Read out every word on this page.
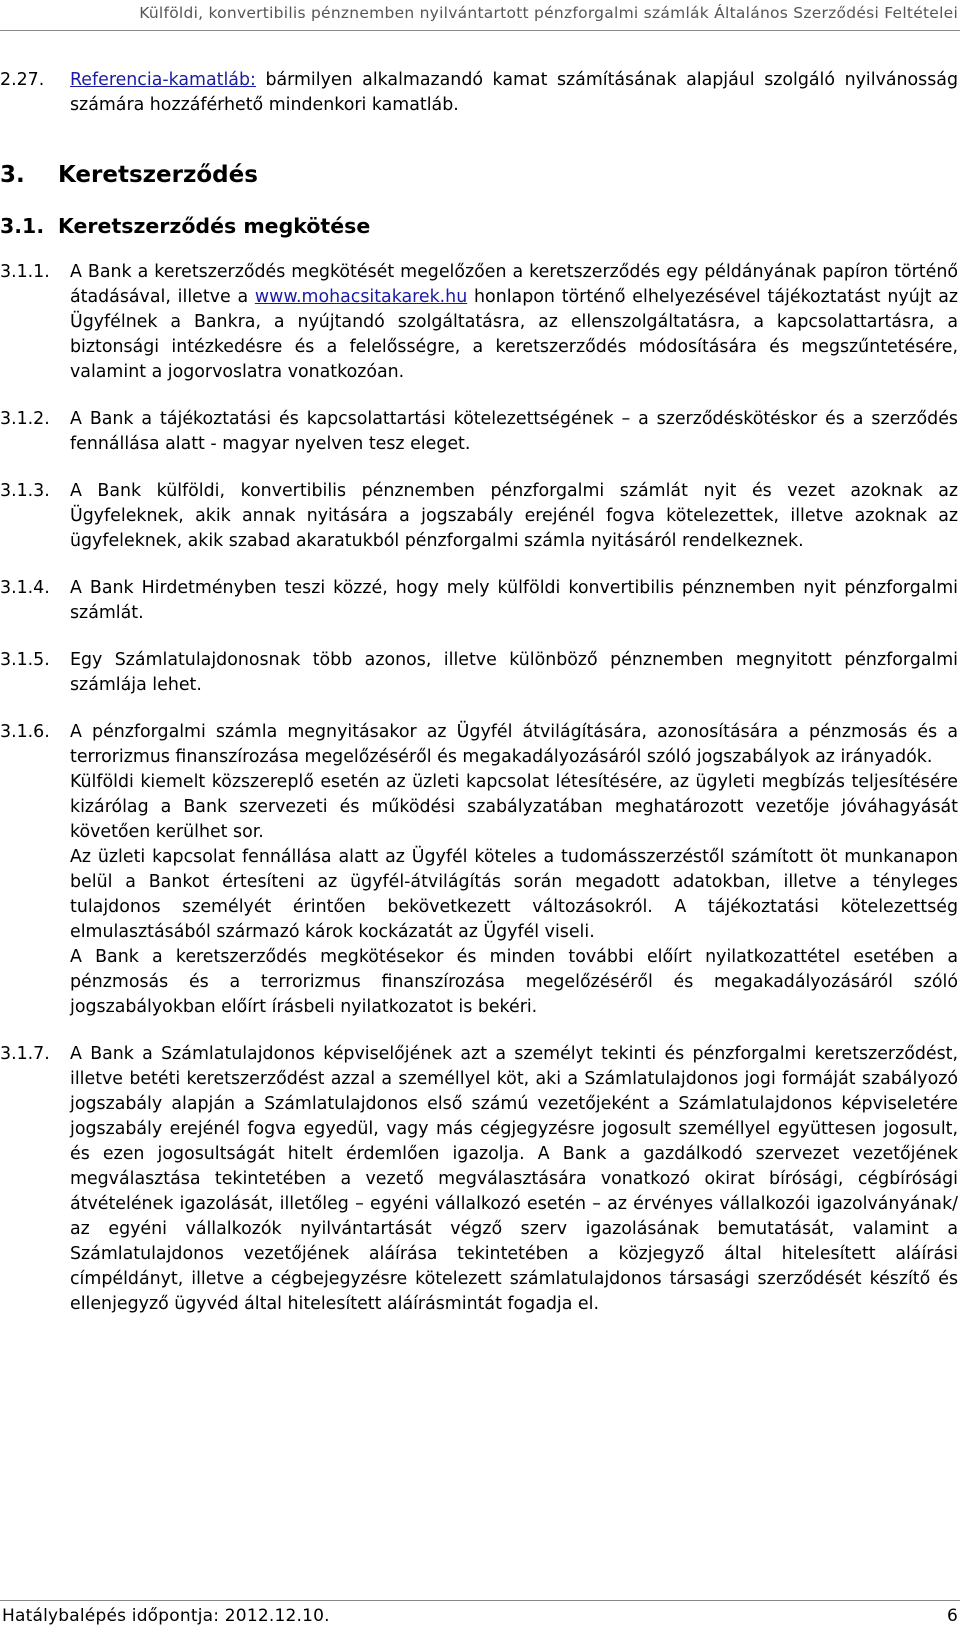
Külföldi, konvertibilis pénznemben nyilvántartott pénzforgalmi számlák Általános Szerződési Feltételei
2.27.	Referencia-kamatláb: bármilyen alkalmazandó kamat számításának alapjául szolgáló nyilvánosság számára hozzáférhető mindenkori kamatláb.
3.	Keretszerződés
3.1. Keretszerződés megkötése
3.1.1.	A Bank a keretszerződés megkötését megelőzően a keretszerződés egy példányának papíron történő átadásával, illetve a www.mohacsitakarek.hu honlapon történő elhelyezésével tájékoztatást nyújt az Ügyfélnek a Bankra, a nyújtandó szolgáltatásra, az ellenszolgáltatásra, a kapcsolattartásra, a biztonsági intézkedésre és a felelősségre, a keretszerződés módosítására és megszűntetésére, valamint a jogorvoslatra vonatkozóan.
3.1.2.	A Bank a tájékoztatási és kapcsolattartási kötelezettségének – a szerződéskötéskor és a szerződés fennállása alatt - magyar nyelven tesz eleget.
3.1.3.	A Bank külföldi, konvertibilis pénznemben pénzforgalmi számlát nyit és vezet azoknak az Ügyfeleknek, akik annak nyitására a jogszabály erejénél fogva kötelezettek, illetve azoknak az ügyfeleknek, akik szabad akaratukból pénzforgalmi számla nyitásáról rendelkeznek.
3.1.4.	A Bank Hirdetményben teszi közzé, hogy mely külföldi konvertibilis pénznemben nyit pénzforgalmi számlát.
3.1.5.	Egy Számlatulajdonosnak több azonos, illetve különböző pénznemben megnyitott pénzforgalmi számlája lehet.
3.1.6.	A pénzforgalmi számla megnyitásakor az Ügyfél átvilágítására, azonosítására a pénzmosás és a terrorizmus finanszírozása megelőzéséről és megakadályozásáról szóló jogszabályok az irányadók.

Külföldi kiemelt közszereplő esetén az üzleti kapcsolat létesítésére, az ügyleti megbízás teljesítésére kizárólag a Bank szervezeti és működési szabályzatában meghatározott vezetője jóváhagyását követően kerülhet sor.

Az üzleti kapcsolat fennállása alatt az Ügyfél köteles a tudomásszerzéstől számított öt munkanapon belül a Bankot értesíteni az ügyfél-átvilágítás során megadott adatokban, illetve a tényleges tulajdonos személyét érintően bekövetkezett változásokról. A tájékoztatási kötelezettség elmulasztásából származó károk kockázatát az Ügyfél viseli.

A Bank a keretszerződés megkötésekor és minden további előírt nyilatkozattétel esetében a pénzmosás és a terrorizmus finanszírozása megelőzéséről és megakadályozásáról szóló jogszabályokban előírt írásbeli nyilatkozatot is bekéri.

3.1.7.	A Bank a Számlatulajdonos képviselőjének azt a személyt tekinti és pénzforgalmi keretszerződést, illetve betéti keretszerződést azzal a személlyel köt, aki a Számlatulajdonos jogi formáját szabályozó jogszabály alapján a Számlatulajdonos első számú vezetőjeként a Számlatulajdonos képviseletére jogszabály erejénél fogva egyedül, vagy más cégjegyzésre jogosult személlyel együttesen jogosult, és ezen jogosultságát hitelt érdemlően igazolja. A Bank a gazdálkodó szervezet vezetőjének megválasztása tekintetében a vezető megválasztására vonatkozó okirat bírósági, cégbírósági átvételének igazolását, illetőleg – egyéni vállalkozó esetén – az érvényes vállalkozói igazolványának/ az egyéni vállalkozók nyilvántartását végző szerv igazolásának bemutatását, valamint a Számlatulajdonos vezetőjének aláírása tekintetében a közjegyző által hitelesített aláírási címpéldányt, illetve a cégbejegyzésre kötelezett számlatulajdonos társasági szerződését készítő és ellenjegyző ügyvéd által hitelesített aláírásmintát fogadja el.
Hatálybalépés időpontja: 2012.12.10.	6
